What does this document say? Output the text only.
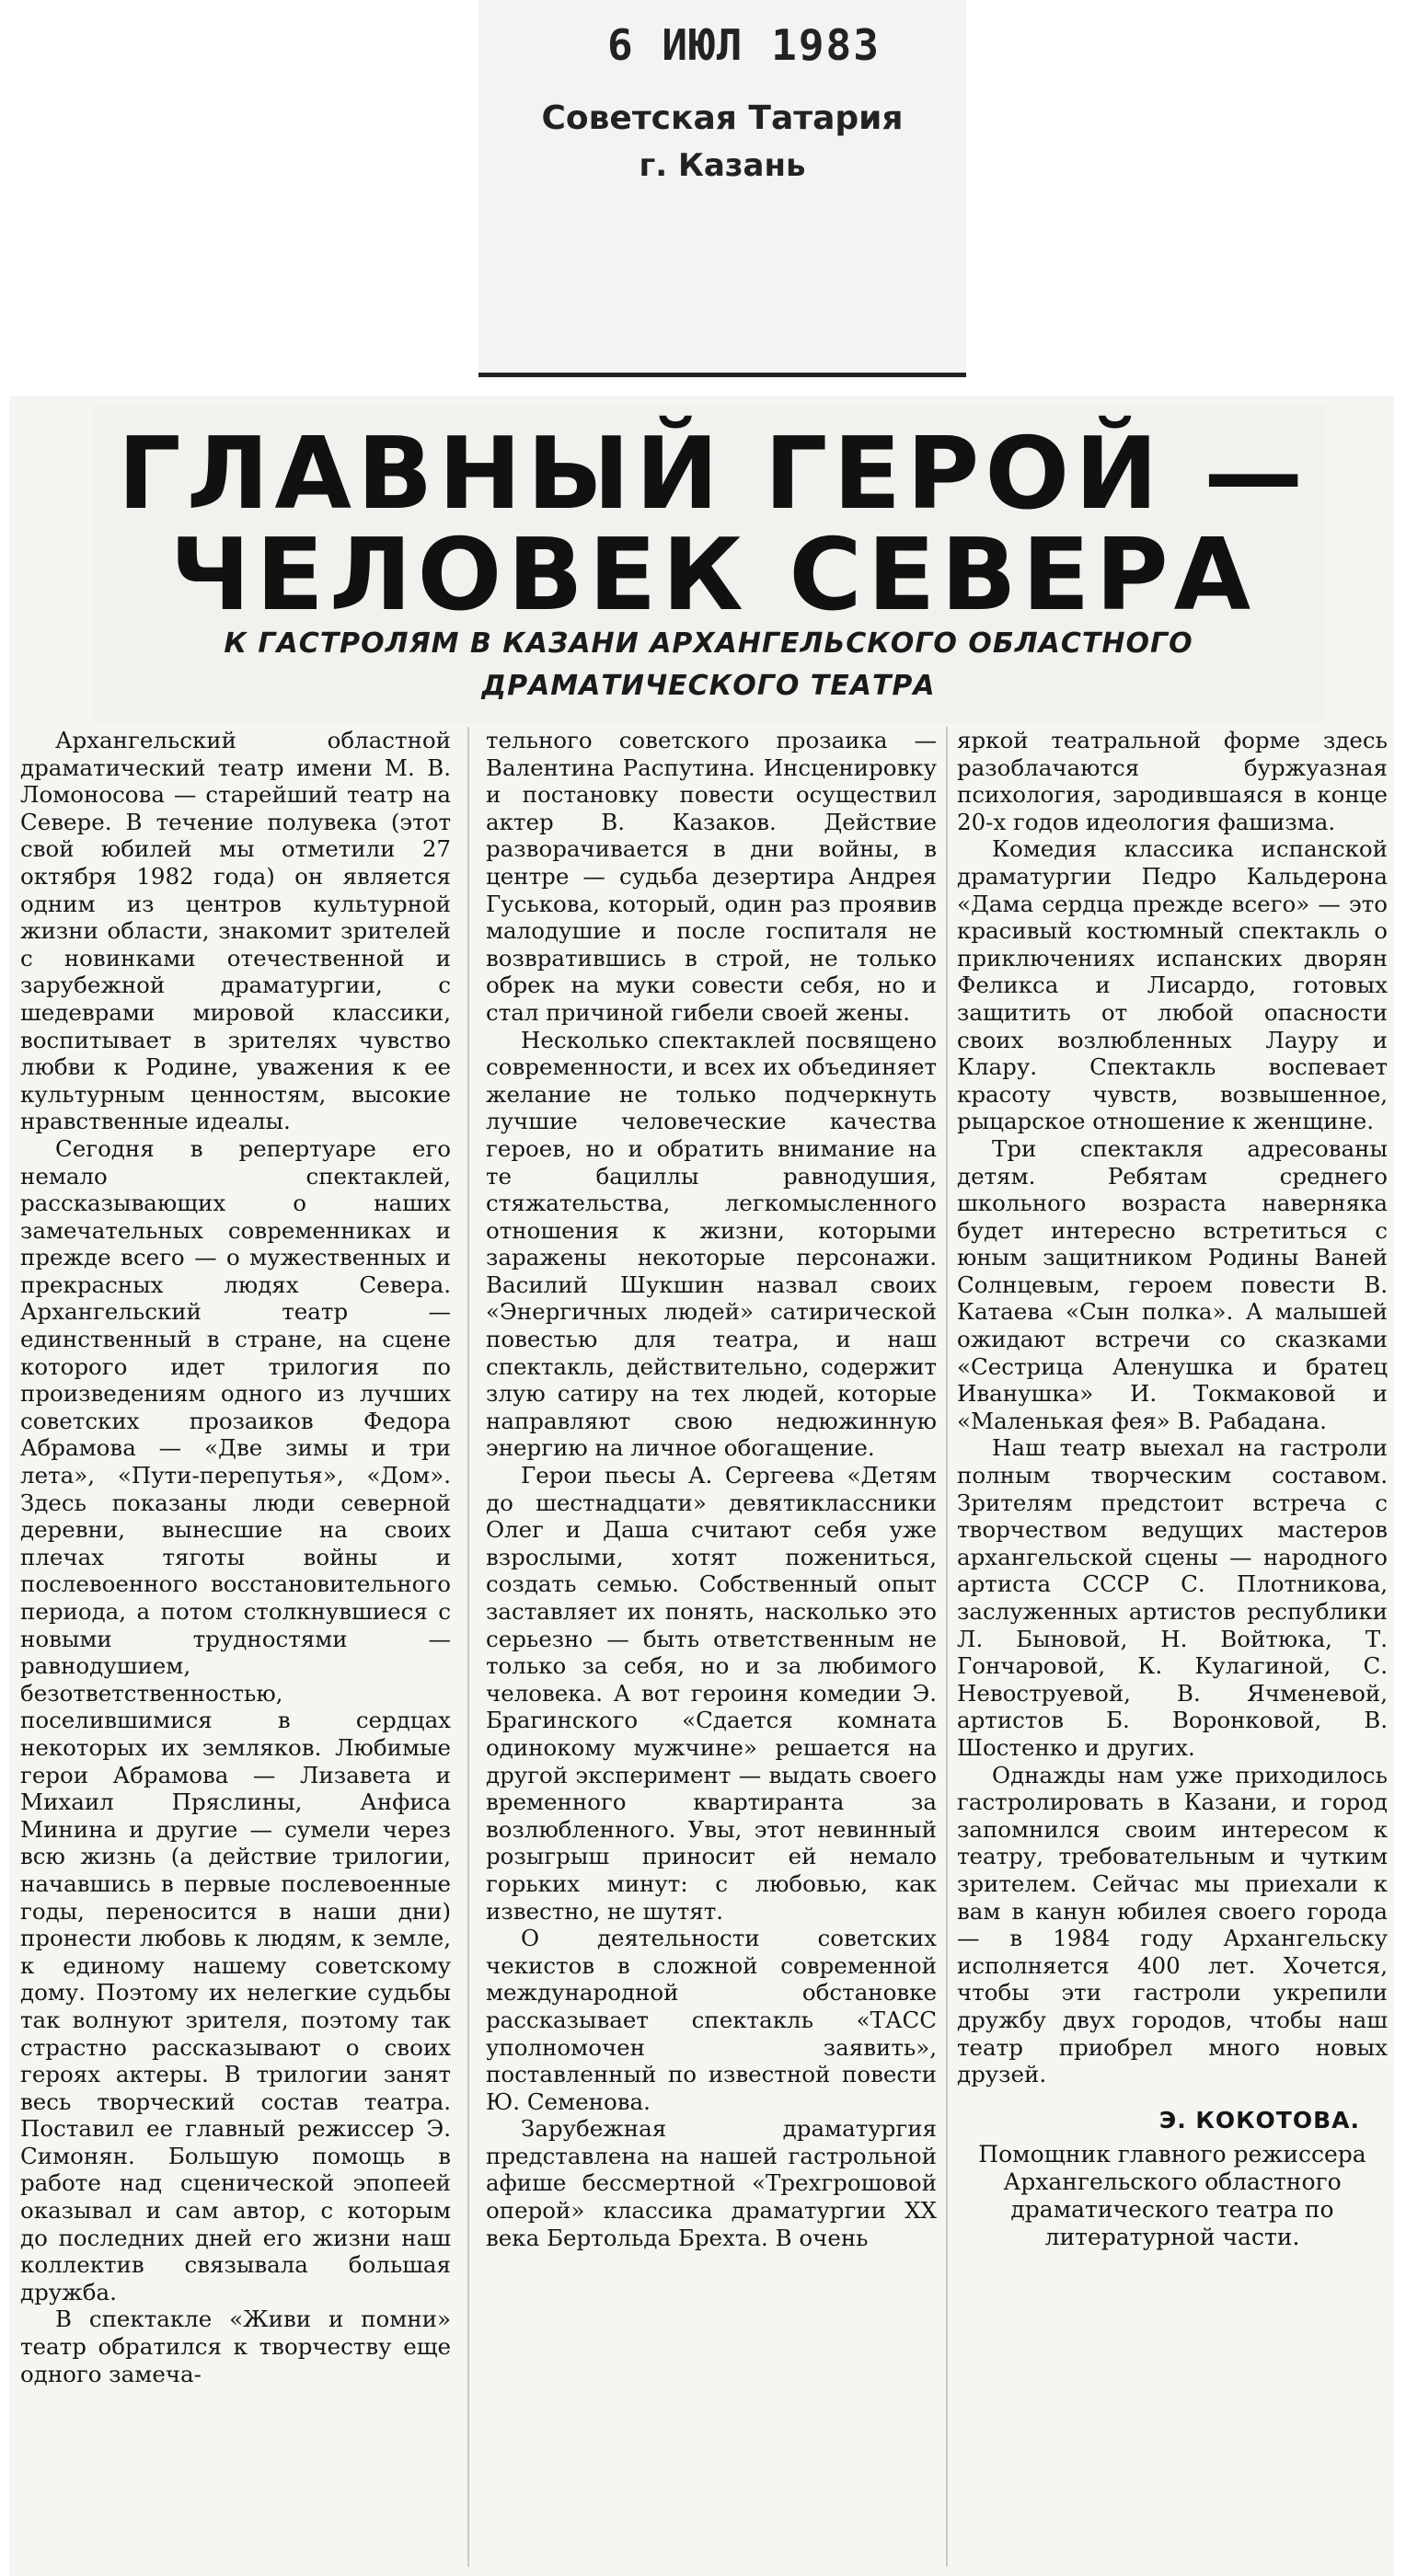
6 ИЮЛ 1983
Советская Татария
г. Казань
ГЛАВНЫЙ ГЕРОЙ —
ЧЕЛОВЕК СЕВЕРА
К ГАСТРОЛЯМ В КАЗАНИ АРХАНГЕЛЬСКОГО ОБЛАСТНОГО
ДРАМАТИЧЕСКОГО ТЕАТРА

Архангельский областной драматический театр имени М. В. Ломоносова — старейший театр на Севере. В течение полувека (этот свой юбилей мы отметили 27 октября 1982 года) он является одним из центров культурной жизни области, знакомит зрителей с новинками отечественной и зарубежной драматургии, с шедеврами мировой классики, воспитывает в зрителях чувство любви к Родине, уважения к ее культурным ценностям, высокие нравственные идеалы.

Сегодня в репертуаре его немало спектаклей, рассказывающих о наших замечательных современниках и прежде всего — о мужественных и прекрасных людях Севера. Архангельский театр — единственный в стране, на сцене которого идет трилогия по произведениям одного из лучших советских прозаиков Федора Абрамова — «Две зимы и три лета», «Пути-перепутья», «Дом». Здесь показаны люди северной деревни, вынесшие на своих плечах тяготы войны и послевоенного восстановительного периода, а потом столкнувшиеся с новыми трудностями — равнодушием, безответственностью, поселившимися в сердцах некоторых их земляков. Любимые герои Абрамова — Лизавета и Михаил Пряслины, Анфиса Минина и другие — сумели через всю жизнь (а действие трилогии, начавшись в первые послевоенные годы, переносится в наши дни) пронести любовь к людям, к земле, к единому нашему советскому дому. Поэтому их нелегкие судьбы так волнуют зрителя, поэтому так страстно рассказывают о своих героях актеры. В трилогии занят весь творческий состав театра. Поставил ее главный режиссер Э. Симонян. Большую помощь в работе над сценической эпопеей оказывал и сам автор, с которым до последних дней его жизни наш коллектив связывала большая дружба.

В спектакле «Живи и помни» театр обратился к творчеству еще одного замеча-

тельного советского прозаика — Валентина Распутина. Инсценировку и постановку повести осуществил актер В. Казаков. Действие разворачивается в дни войны, в центре — судьба дезертира Андрея Гуськова, который, один раз проявив малодушие и после госпиталя не возвратившись в строй, не только обрек на муки совести себя, но и стал причиной гибели своей жены.

Несколько спектаклей посвящено современности, и всех их объединяет желание не только подчеркнуть лучшие человеческие качества героев, но и обратить внимание на те бациллы равнодушия, стяжательства, легкомысленного отношения к жизни, которыми заражены некоторые персонажи. Василий Шукшин назвал своих «Энергичных людей» сатирической повестью для театра, и наш спектакль, действительно, содержит злую сатиру на тех людей, которые направляют свою недюжинную энергию на личное обогащение.

Герои пьесы А. Сергеева «Детям до шестнадцати» девятиклассники Олег и Даша считают себя уже взрослыми, хотят пожениться, создать семью. Собственный опыт заставляет их понять, насколько это серьезно — быть ответственным не только за себя, но и за любимого человека. А вот героиня комедии Э. Брагинского «Сдается комната одинокому мужчине» решается на другой эксперимент — выдать своего временного квартиранта за возлюбленного. Увы, этот невинный розыгрыш приносит ей немало горьких минут: с любовью, как известно, не шутят.

О деятельности советских чекистов в сложной современной международной обстановке рассказывает спектакль «ТАСС уполномочен заявить», поставленный по известной повести Ю. Семенова.

Зарубежная драматургия представлена на нашей гастрольной афише бессмертной «Трехгрошовой оперой» классика драматургии XX века Бертольда Брехта. В очень

яркой театральной форме здесь разоблачаются буржуазная психология, зародившаяся в конце 20-х годов идеология фашизма.

Комедия классика испанской драматургии Педро Кальдерона «Дама сердца прежде всего» — это красивый костюмный спектакль о приключениях испанских дворян Феликса и Лисардо, готовых защитить от любой опасности своих возлюбленных Лауру и Клару. Спектакль воспевает красоту чувств, возвышенное, рыцарское отношение к женщине.

Три спектакля адресованы детям. Ребятам среднего школьного возраста наверняка будет интересно встретиться с юным защитником Родины Ваней Солнцевым, героем повести В. Катаева «Сын полка». А малышей ожидают встречи со сказками «Сестрица Аленушка и братец Иванушка» И. Токмаковой и «Маленькая фея» В. Рабадана.

Наш театр выехал на гастроли полным творческим составом. Зрителям предстоит встреча с творчеством ведущих мастеров архангельской сцены — народного артиста СССР С. Плотникова, заслуженных артистов республики Л. Быновой, Н. Войтюка, Т. Гончаровой, К. Кулагиной, С. Невоструевой, В. Ячменевой, артистов Б. Воронковой, В. Шостенко и других.

Однажды нам уже приходилось гастролировать в Казани, и город запомнился своим интересом к театру, требовательным и чутким зрителем. Сейчас мы приехали к вам в канун юбилея своего города — в 1984 году Архангельску исполняется 400 лет. Хочется, чтобы эти гастроли укрепили дружбу двух городов, чтобы наш театр приобрел много новых друзей.

Э. КОКОТОВА.
Помощник главного режиссера Архангельского областного драматического театра по литературной части.
